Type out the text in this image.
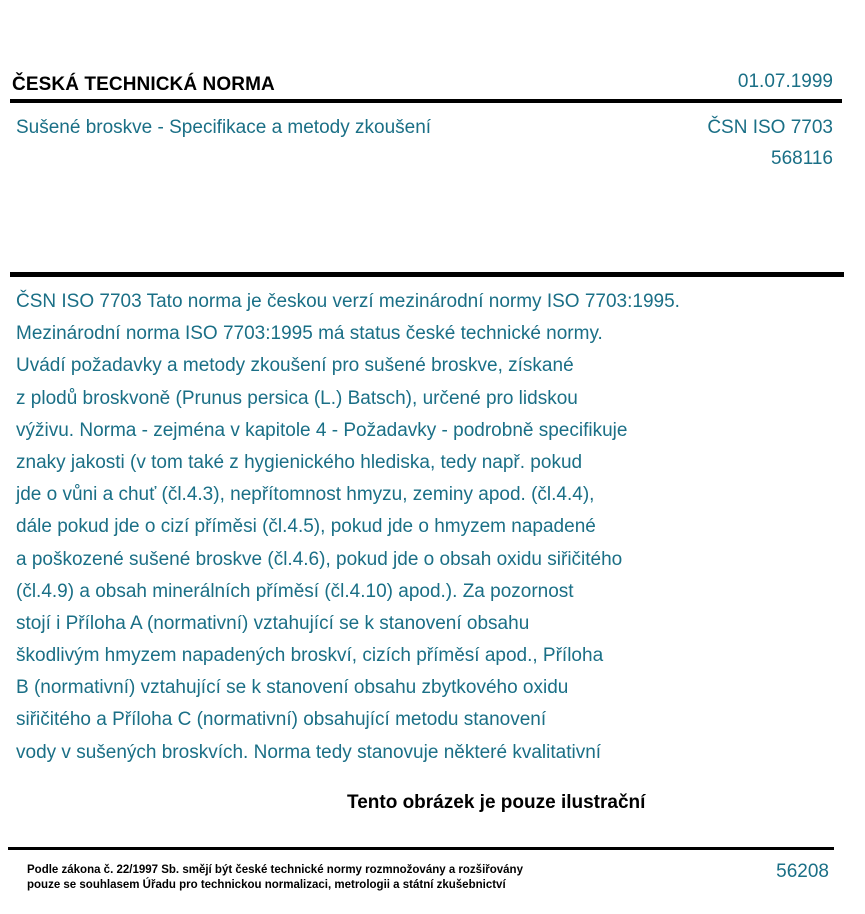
ČESKÁ TECHNICKÁ NORMA	01.07.1999
Sušené broskve - Specifikace a metody zkoušení	ČSN ISO 7703
568116
ČSN ISO 7703 Tato norma je českou verzí mezinárodní normy ISO 7703:1995.
Mezinárodní norma ISO 7703:1995 má status české technické normy.
Uvádí požadavky a metody zkoušení pro sušené broskve, získané
z plodů broskvoně (Prunus persica (L.) Batsch), určené pro lidskou
výživu. Norma - zejména v kapitole 4 - Požadavky - podrobně specifikuje
znaky jakosti (v tom také z hygienického hlediska, tedy např. pokud
jde o vůni a chuť (čl.4.3), nepřítomnost hmyzu, zeminy apod. (čl.4.4),
dále pokud jde o cizí příměsi (čl.4.5), pokud jde o hmyzem napadené
a poškozené sušené broskve (čl.4.6), pokud jde o obsah oxidu siřičitého
(čl.4.9) a obsah minerálních příměsí (čl.4.10) apod.). Za pozornost
stojí i Příloha A (normativní) vztahující se k stanovení obsahu
škodlivým hmyzem napadených broskví, cizích příměsí apod., Příloha
B (normativní) vztahující se k stanovení obsahu zbytkového oxidu
siřičitého a Příloha C (normativní) obsahující metodu stanovení
vody v sušených broskvích. Norma tedy stanovuje některé kvalitativní
Tento obrázek je pouze ilustrační
Podle zákona č. 22/1997 Sb. smějí být české technické normy rozmnožovány a rozšiřovány
pouze se souhlasem Úřadu pro technickou normalizaci, metrologii a státní zkušebnictví
56208
